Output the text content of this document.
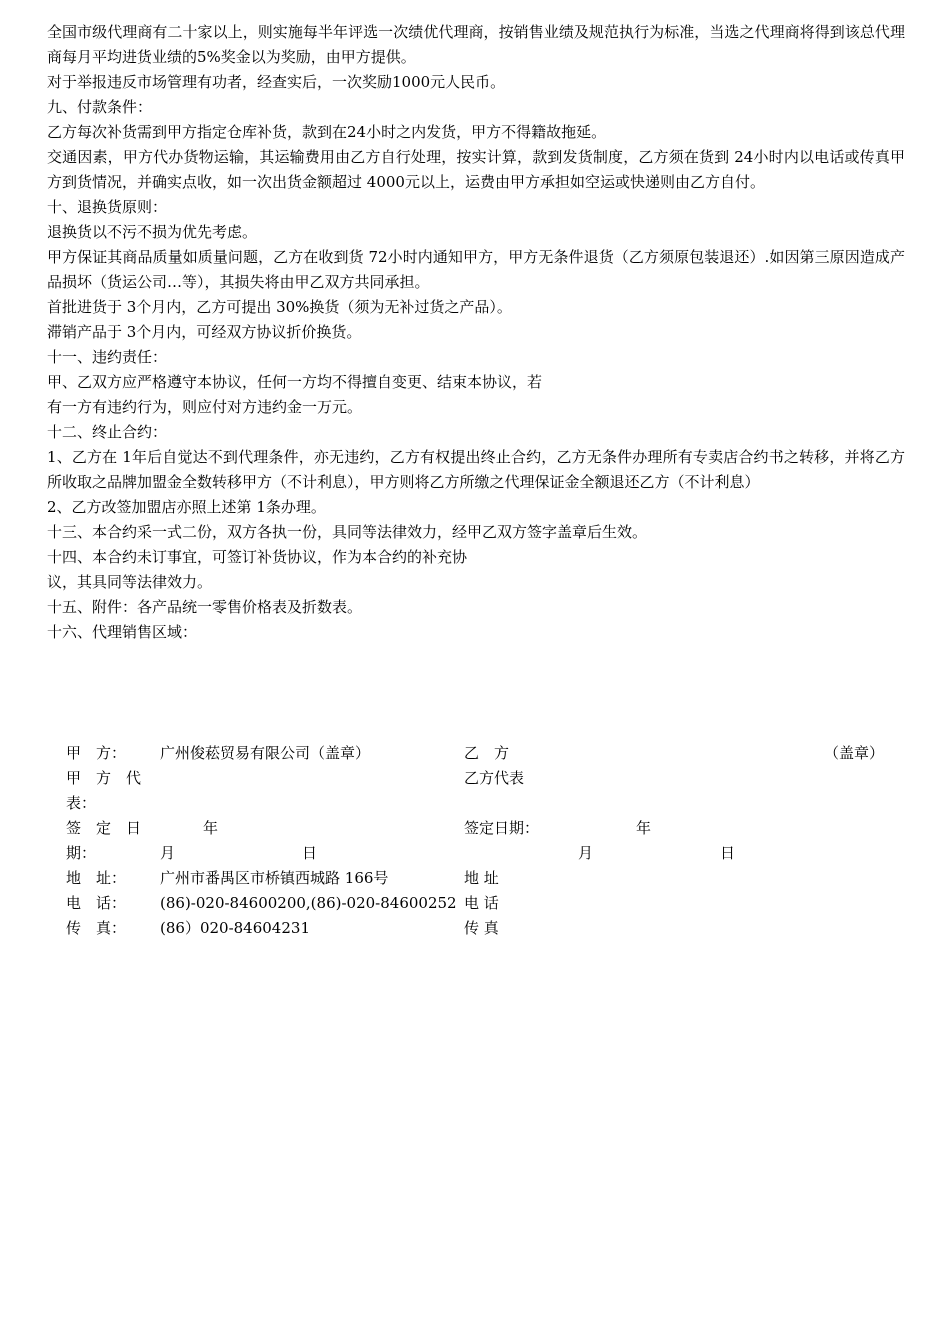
全国市级代理商有二十家以上，则实施每半年评选一次绩优代理商，按销售业绩及规范执行为标准，当选之代理商将得到该总代理商每月平均进货业绩的5%奖金以为奖励，由甲方提供。

对于举报违反市场管理有功者，经查实后，一次奖励1000元人民币。

九、付款条件：

乙方每次补货需到甲方指定仓库补货，款到在24小时之内发货，甲方不得籍故拖延。

交通因素，甲方代办货物运输，其运输费用由乙方自行处理，按实计算，款到发货制度，乙方须在货到 24小时内以电话或传真甲方到货情况，并确实点收，如一次出货金额超过 4000元以上，运费由甲方承担如空运或快递则由乙方自付。

十、退换货原则：

退换货以不污不损为优先考虑。

甲方保证其商品质量如质量问题，乙方在收到货 72小时内通知甲方，甲方无条件退货（乙方须原包装退还）.如因第三原因造成产品损坏（货运公司…等），其损失将由甲乙双方共同承担。

首批进货于 3个月内，乙方可提出 30%换货（须为无补过货之产品）。

滞销产品于 3个月内，可经双方协议折价换货。

十一、违约责任：

甲、乙双方应严格遵守本协议，任何一方均不得擅自变更、结束本协议，若

有一方有违约行为，则应付对方违约金一万元。

十二、终止合约：

1、乙方在 1年后自觉达不到代理条件，亦无违约，乙方有权提出终止合约，乙方无条件办理所有专卖店合约书之转移，并将乙方所收取之品牌加盟金全数转移甲方（不计利息），甲方则将乙方所缴之代理保证金全额退还乙方（不计利息）

2、乙方改签加盟店亦照上述第 1条办理。

十三、本合约采一式二份，双方各执一份，具同等法律效力，经甲乙双方签字盖章后生效。

十四、本合约未订事宜，可签订补货协议，作为本合约的补充协

议，其具同等法律效力。

十五、附件：各产品统一零售价格表及折数表。

十六、代理销售区域：

甲　方： 广州俊菘贸易有限公司（盖章）	乙　方	（盖章）
甲　方　代	乙方代表
表：
签　定　日	年	签定日期：	年
期：	月	日	月	日
地　址： 广州市番禺区市桥镇西城路 166号	地 址
电　话： (86)-020-84600200,(86)-020-84600252 电 话
传　真： (86）020-84604231	传 真
